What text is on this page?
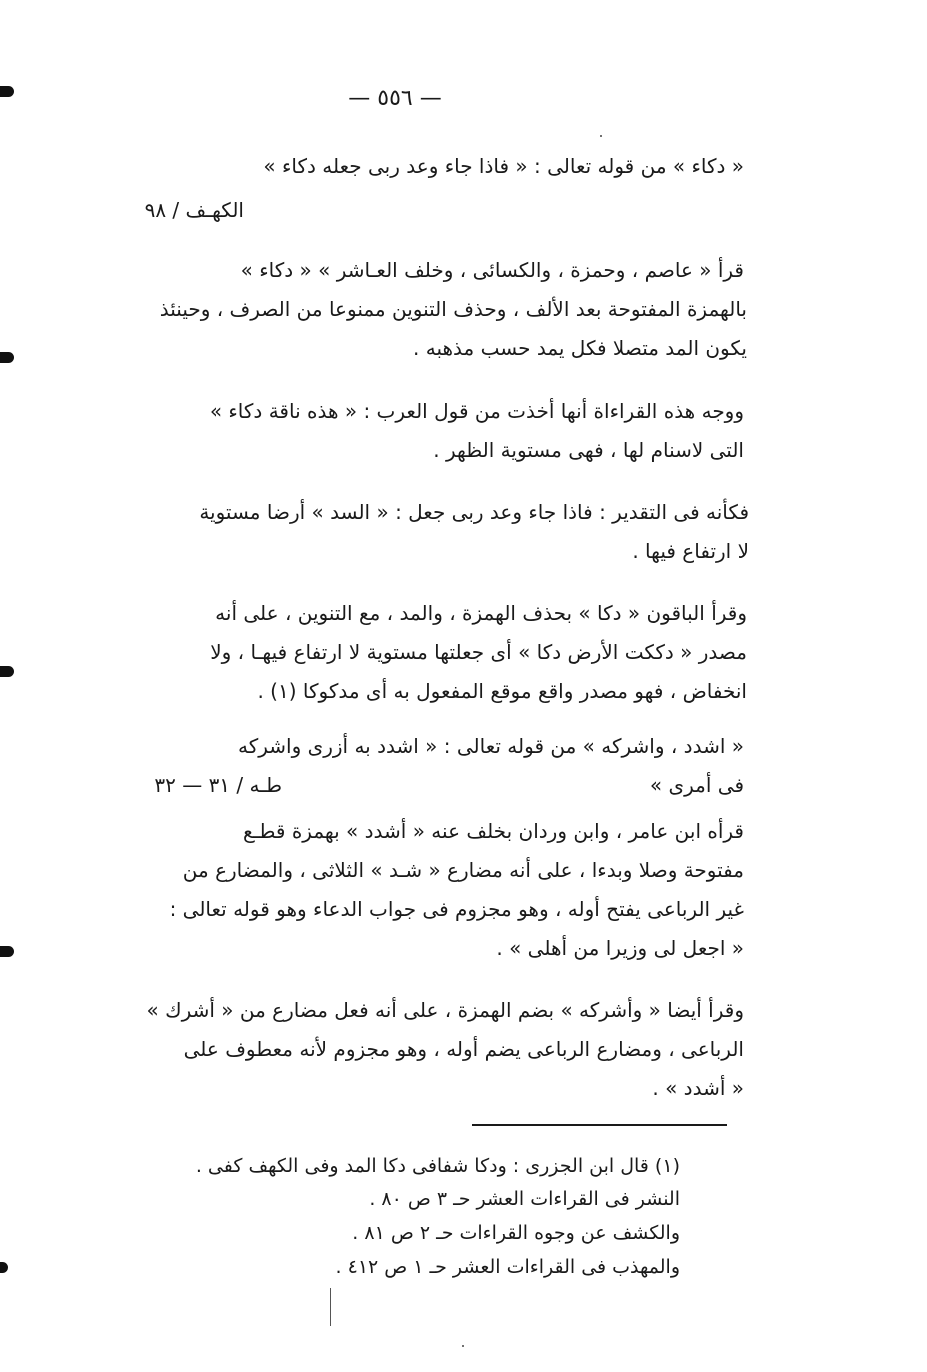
— ٥٥٦ —
« دكاء » من قوله تعالى : « فاذا جاء وعد ربى جعله دكاء »
الكهـف / ٩٨
قرأ « عاصم ، وحمزة ، والكسائى ، وخلف العـاشر » « دكاء »
بالهمزة المفتوحة بعد الألف ، وحذف التنوين ممنوعا من الصرف ، وحينئذ
يكون المد متصلا فكل يمد حسب مذهبه .
ووجه هذه القراءاة أنها أخذت من قول العرب : « هذه ناقة دكاء »
التى لاسنام لها ، فهى مستوية الظهر .
فكأنه فى التقدير : فاذا جاء وعد ربى جعل : « السد » أرضا مستوية
لا ارتفاع فيها .
وقرأ الباقون « دكا » بحذف الهمزة ، والمد ، مع التنوين ، على أنه
مصدر « دككت الأرض دكا » أى جعلتها مستوية لا ارتفاع فيهـا ، ولا
انخفاض ، فهو مصدر واقع موقع المفعول به أى مدكوكا (١) .
« اشدد ، واشركه » من قوله تعالى : « اشدد به أزرى واشركه
فى أمرى »
طـه / ٣١ — ٣٢
قرأه ابن عامر ، وابن وردان بخلف عنه « أشدد » بهمزة قطـع
مفتوحة وصلا وبدءا ، على أنه مضارع « شـد » الثلاثى ، والمضارع من
غير الرباعى يفتح أوله ، وهو مجزوم فى جواب الدعاء وهو قوله تعالى :
« اجعل لى وزيرا من أهلى » .
وقرأ أيضا « وأشركه » بضم الهمزة ، على أنه فعل مضارع من « أشرك »
الرباعى ، ومضارع الرباعى يضم أوله ، وهو مجزوم لأنه معطوف على
« أشدد » .
(١) قال ابن الجزرى : ودكا شفافى دكا المد وفى الكهف كفى .
النشر فى القراءات العشر حـ ٣ ص ٨٠ .
والكشف عن وجوه القراءات حـ ٢ ص ٨١ .
والمهذب فى القراءات العشر حـ ١ ص ٤١٢ .
